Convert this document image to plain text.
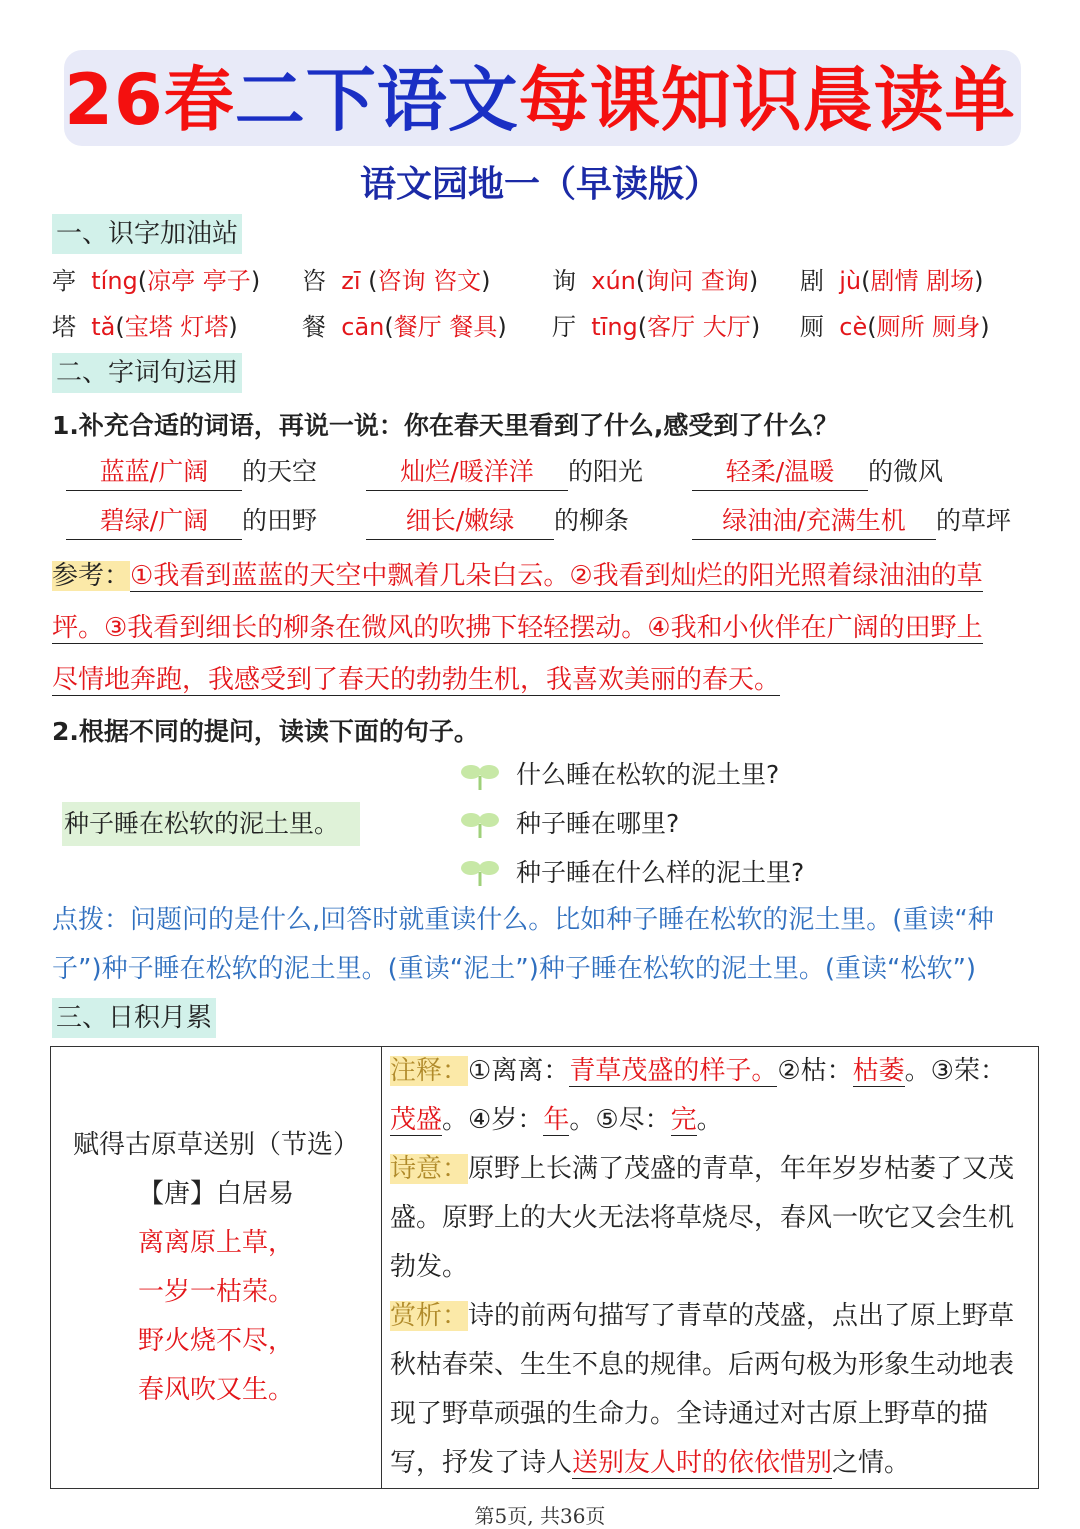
26春二下语文每课知识晨读单
语文园地一（早读版）
一、识字加油站
亭 tíng(凉亭 亭子) 咨 zī (咨询 咨文)	询 xún(询问 查询) 剧 jù(剧情 剧场)
塔 tǎ(宝塔 灯塔)	餐 cān(餐厅 餐具) 厅 tīng(客厅 大厅) 厕 cè(厕所 厕身)
二、字词句运用
1.补充合适的词语，再说一说：你在春天里看到了什么,感受到了什么？
蓝蓝/广阔 的天空	灿烂/暖洋洋 的阳光	轻柔/温暖 的微风
碧绿/广阔 的田野	细长/嫩绿 的柳条	绿油油/充满生机 的草坪
参考：①我看到蓝蓝的天空中飘着几朵白云。②我看到灿烂的阳光照着绿油油的草
坪。③我看到细长的柳条在微风的吹拂下轻轻摆动。④我和小伙伴在广阔的田野上
尽情地奔跑，我感受到了春天的勃勃生机，我喜欢美丽的春天。
2.根据不同的提问，读读下面的句子。
种子睡在松软的泥土里。
什么睡在松软的泥土里?
种子睡在哪里?
种子睡在什么样的泥土里?
点拨：问题问的是什么,回答时就重读什么。比如种子睡在松软的泥土里。(重读“种
子”)种子睡在松软的泥土里。(重读“泥土”)种子睡在松软的泥土里。(重读“松软”)
三、日积月累
赋得古原草送别（节选）
【唐】白居易
离离原上草，
一岁一枯荣。
野火烧不尽，
春风吹又生。

注释：①离离：青草茂盛的样子。②枯：枯萎。③荣：茂盛。④岁：年。⑤尽：完。
诗意：原野上长满了茂盛的青草，年年岁岁枯萎了又茂盛。原野上的大火无法将草烧尽，春风一吹它又会生机勃发。
赏析：诗的前两句描写了青草的茂盛，点出了原上野草秋枯春荣、生生不息的规律。后两句极为形象生动地表现了野草顽强的生命力。全诗通过对古原上野草的描写，抒发了诗人送别友人时的依依惜别之情。
第5页, 共36页
